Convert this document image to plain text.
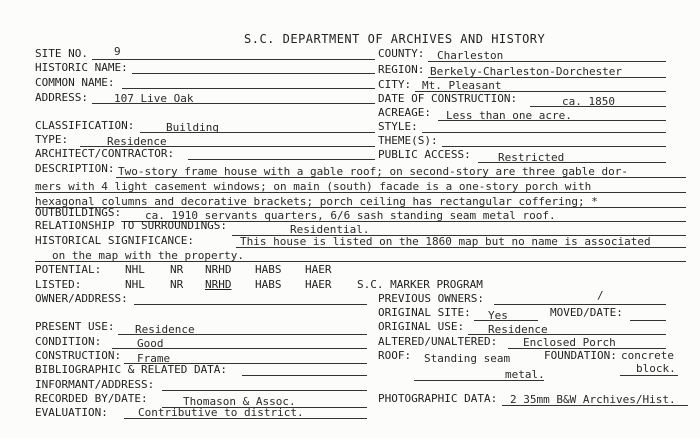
S.C. DEPARTMENT OF ARCHIVES AND HISTORY
SITE NO. 9
HISTORIC NAME:
COMMON NAME:
ADDRESS: 107 Live Oak
CLASSIFICATION:	Building
TYPE:	Residence
ARCHITECT/CONTRACTOR:
COUNTY: Charleston
REGION: Berkely-Charleston-Dorchester
CITY: Mt. Pleasant
DATE OF CONSTRUCTION:	ca. 1850
ACREAGE: Less than one acre.
STYLE:
THEME(S):
PUBLIC ACCESS: Restricted
DESCRIPTION: Two-story frame house with a gable roof; on second-story are three gable dor-
mers with 4 light casement windows; on main (south) facade is a one-story porch with
hexagonal columns and decorative brackets; porch ceiling has rectangular coffering; *
OUTBUILDINGS: ca. 1910 servants quarters, 6/6 sash standing seam metal roof.
RELATIONSHIP TO SURROUNDINGS:	Residential.
HISTORICAL SIGNIFICANCE:	This house is listed on the 1860 map but no name is associated
on the map with the property.
POTENTIAL: NHL NR NRHD HABS HAER
LISTED:	NHL NR NRHD HABS HAER S.C. MARKER PROGRAM
OWNER/ADDRESS:	PREVIOUS OWNERS:	/
ORIGINAL SITE: Yes	MOVED/DATE:
PRESENT USE: Residence	ORIGINAL USE: Residence
CONDITION:	Good	ALTERED/UNALTERED: Enclosed Porch
CONSTRUCTION: Frame	ROOF: Standing seam
metal.
FOUNDATION: concrete
block.
BIBLIOGRAPHIC & RELATED DATA:
INFORMANT/ADDRESS:
RECORDED BY/DATE:	Thomason & Assoc.	PHOTOGRAPHIC DATA: 2 35mm B&W Archives/Hist.
EVALUATION:	Contributive to district.
